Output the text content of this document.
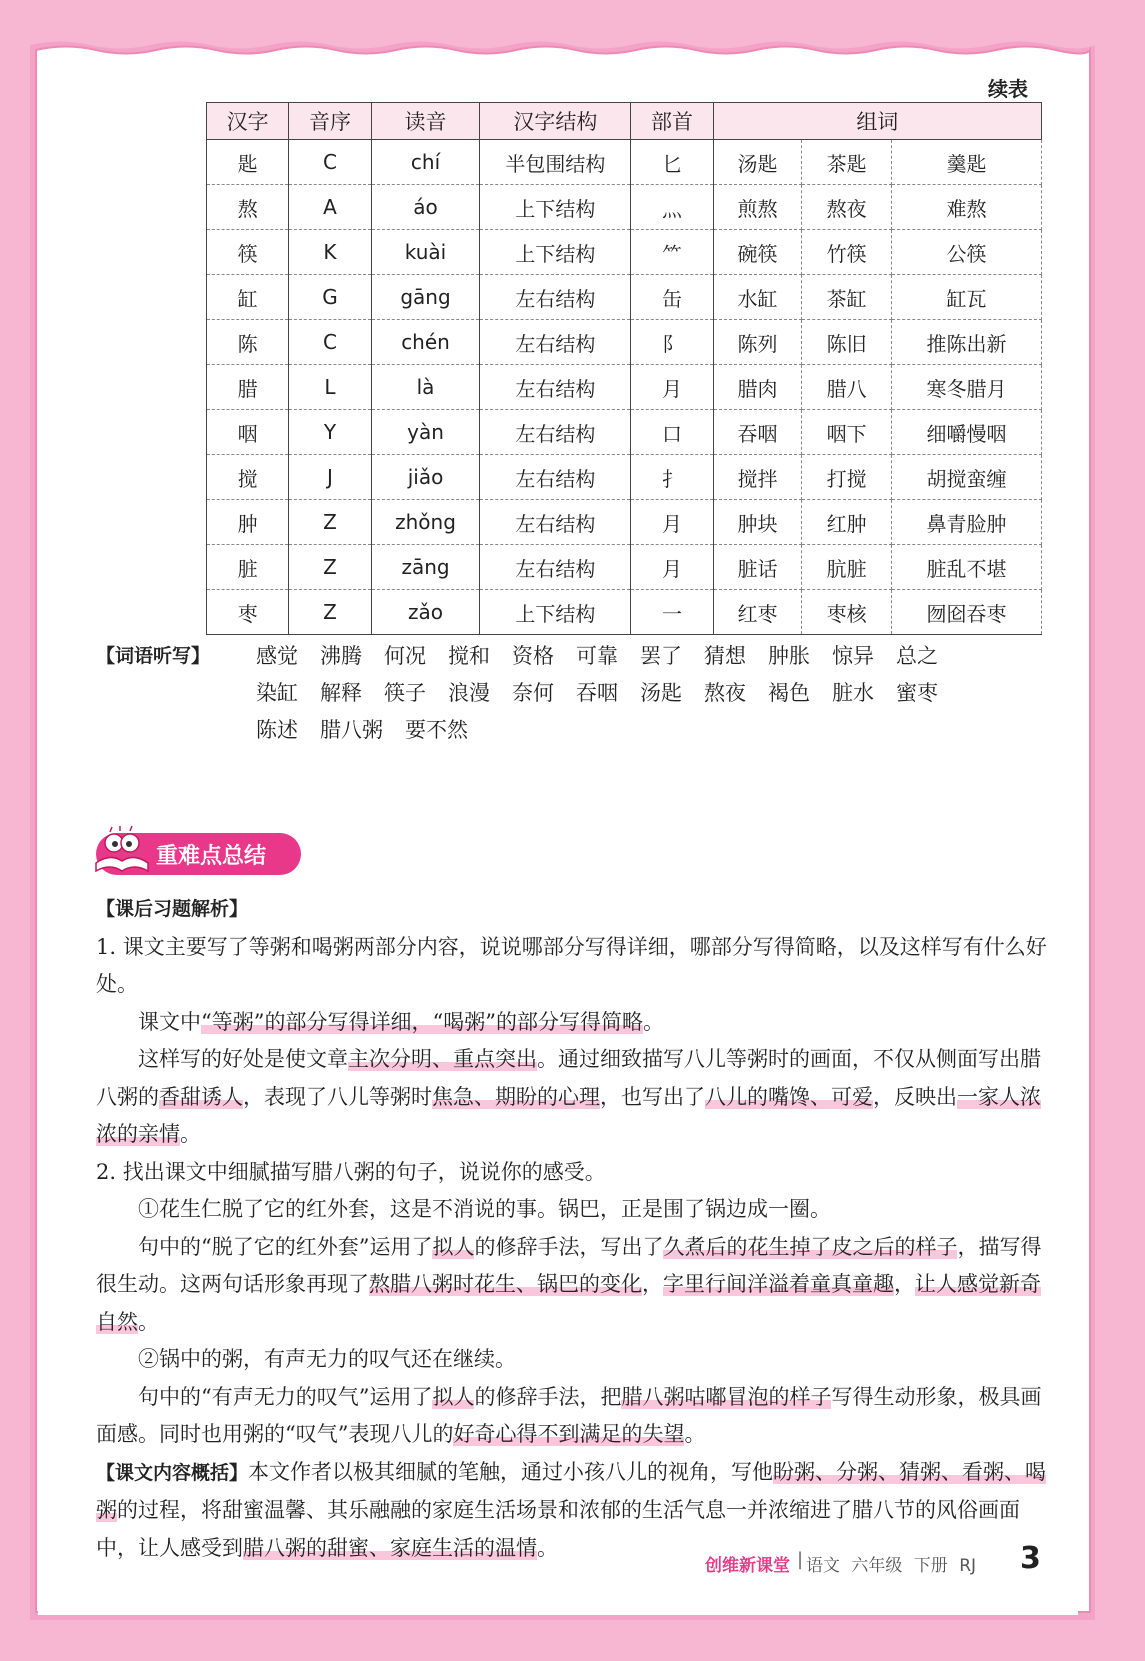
续表
汉字	音序	读音	汉字结构	部首	组词		
匙	C	chí	半包围结构	匕	汤匙	茶匙	羹匙
熬	A	áo	上下结构	灬	煎熬	熬夜	难熬
筷	K	kuài	上下结构	⺮	碗筷	竹筷	公筷
缸	G	gāng	左右结构	缶	水缸	茶缸	缸瓦
陈	C	chén	左右结构	阝	陈列	陈旧	推陈出新
腊	L	là	左右结构	月	腊肉	腊八	寒冬腊月
咽	Y	yàn	左右结构	口	吞咽	咽下	细嚼慢咽
搅	J	jiǎo	左右结构	扌	搅拌	打搅	胡搅蛮缠
肿	Z	zhǒng	左右结构	月	肿块	红肿	鼻青脸肿
脏	Z	zāng	左右结构	月	脏话	肮脏	脏乱不堪
枣	Z	zǎo	上下结构	一	红枣	枣核	囫囵吞枣
【词语听写】 感觉 沸腾 何况 搅和 资格 可靠 罢了 猜想 肿胀 惊异 总之
染缸 解释 筷子 浪漫 奈何 吞咽 汤匙 熬夜 褐色 脏水 蜜枣
陈述 腊八粥 要不然
重难点总结

【课后习题解析】

1. 课文主要写了等粥和喝粥两部分内容，说说哪部分写得详细，哪部分写得简略，以及这样写有什么好处。

课文中“等粥”的部分写得详细，“喝粥”的部分写得简略。

这样写的好处是使文章主次分明、重点突出。通过细致描写八儿等粥时的画面，不仅从侧面写出腊八粥的香甜诱人，表现了八儿等粥时焦急、期盼的心理，也写出了八儿的嘴馋、可爱，反映出一家人浓浓的亲情。

2. 找出课文中细腻描写腊八粥的句子，说说你的感受。

①花生仁脱了它的红外套，这是不消说的事。锅巴，正是围了锅边成一圈。

句中的“脱了它的红外套”运用了拟人的修辞手法，写出了久煮后的花生掉了皮之后的样子，描写得很生动。这两句话形象再现了熬腊八粥时花生、锅巴的变化，字里行间洋溢着童真童趣，让人感觉新奇自然。

②锅中的粥，有声无力的叹气还在继续。

句中的“有声无力的叹气”运用了拟人的修辞手法，把腊八粥咕嘟冒泡的样子写得生动形象，极具画面感。同时也用粥的“叹气”表现八儿的好奇心得不到满足的失望。

【课文内容概括】本文作者以极其细腻的笔触，通过小孩八儿的视角，写他盼粥、分粥、猜粥、看粥、喝粥的过程，将甜蜜温馨、其乐融融的家庭生活场景和浓郁的生活气息一并浓缩进了腊八节的风俗画面中，让人感受到腊八粥的甜蜜、家庭生活的温情。

创维新课堂 | 语文 六年级 下册 RJ 3
